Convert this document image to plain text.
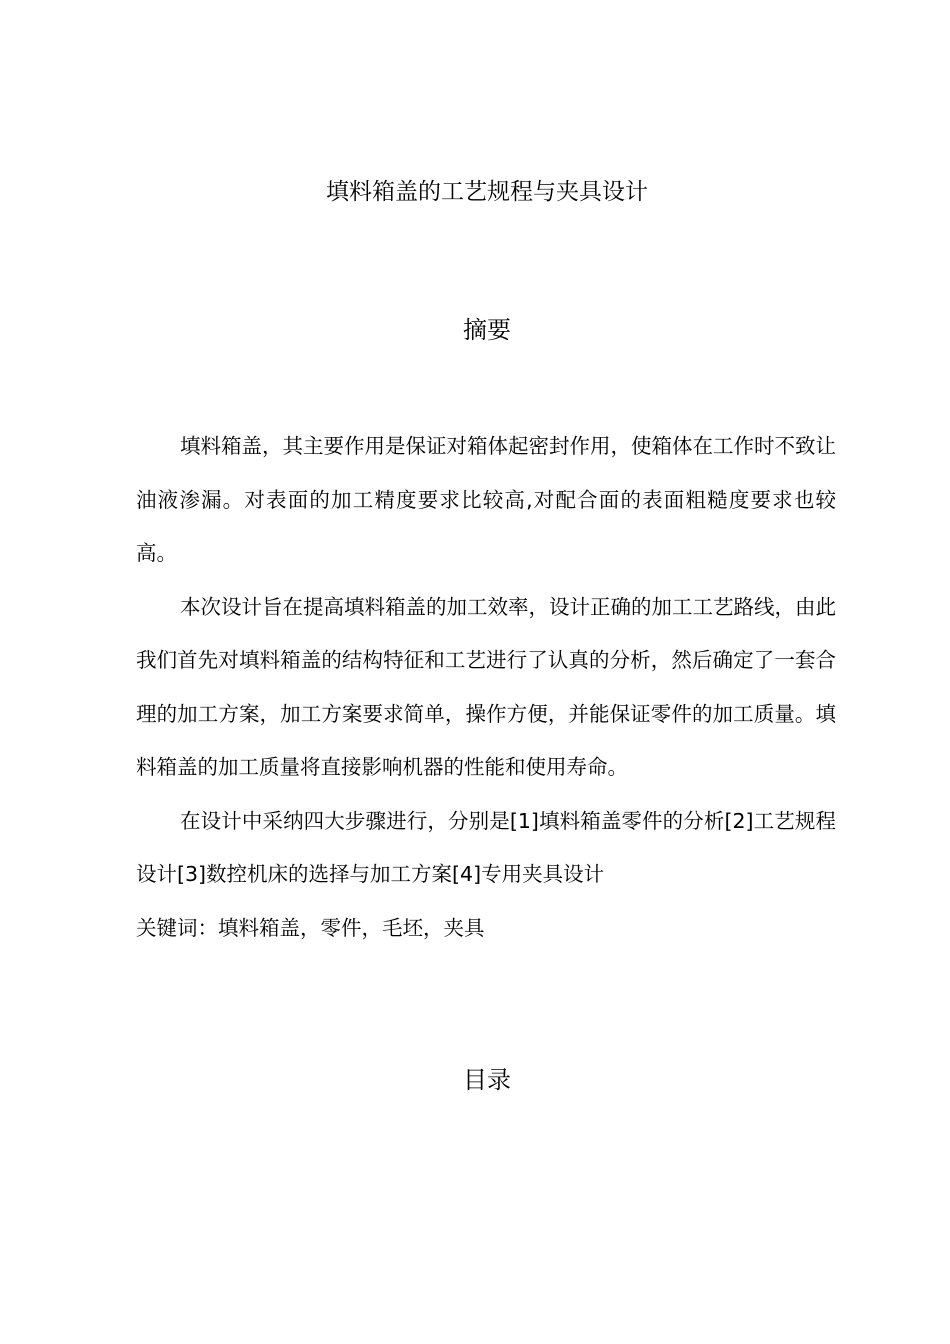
填料箱盖的工艺规程与夹具设计
摘要

填料箱盖，其主要作用是保证对箱体起密封作用，使箱体在工作时不致让油液渗漏。对表面的加工精度要求比较高,对配合面的表面粗糙度要求也较高。

本次设计旨在提高填料箱盖的加工效率，设计正确的加工工艺路线，由此我们首先对填料箱盖的结构特征和工艺进行了认真的分析，然后确定了一套合理的加工方案，加工方案要求简单，操作方便，并能保证零件的加工质量。填料箱盖的加工质量将直接影响机器的性能和使用寿命。

在设计中采纳四大步骤进行，分别是[1]填料箱盖零件的分析[2]工艺规程设计[3]数控机床的选择与加工方案[4]专用夹具设计

关键词：填料箱盖，零件，毛坯，夹具

目录
